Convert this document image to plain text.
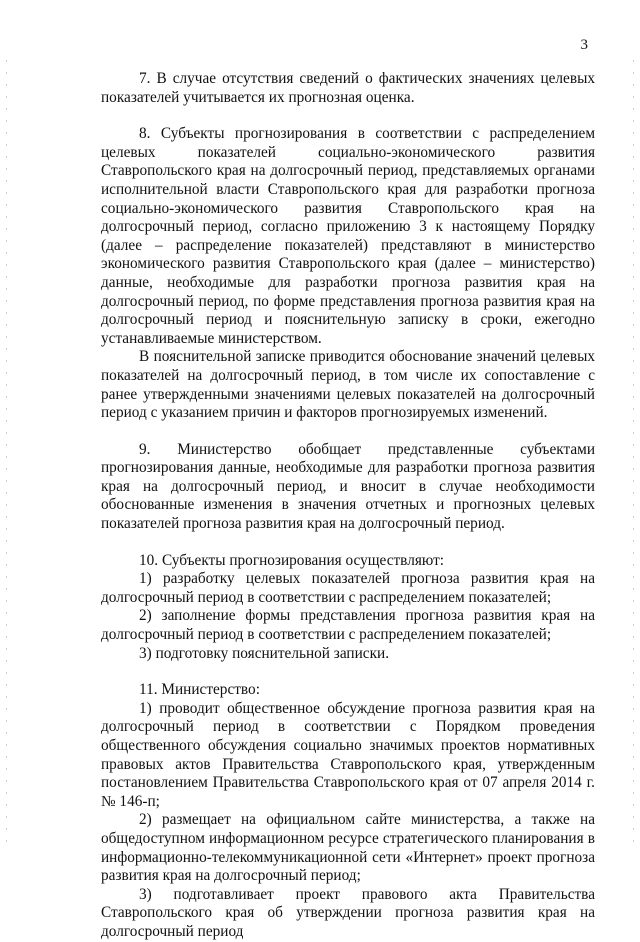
3

7. В случае отсутствия сведений о фактических значениях целевых показателей учитывается их прогнозная оценка.

8. Субъекты прогнозирования в соответствии с распределением целевых показателей социально-экономического развития Ставропольского края на долгосрочный период, представляемых органами исполнительной власти Ставропольского края для разработки прогноза социально-экономического развития Ставропольского края на долгосрочный период, согласно приложению 3 к настоящему Порядку (далее – распределение показателей) представляют в министерство экономического развития Ставропольского края (далее – министерство) данные, необходимые для разработки прогноза развития края на долгосрочный период, по форме представления прогноза развития края на долгосрочный период и пояснительную записку в сроки, ежегодно устанавливаемые министерством.

В пояснительной записке приводится обоснование значений целевых показателей на долгосрочный период, в том числе их сопоставление с ранее утвержденными значениями целевых показателей на долгосрочный период с указанием причин и факторов прогнозируемых изменений.

9. Министерство обобщает представленные субъектами прогнозирования данные, необходимые для разработки прогноза развития края на долгосрочный период, и вносит в случае необходимости обоснованные изменения в значения отчетных и прогнозных целевых показателей прогноза развития края на долгосрочный период.

10. Субъекты прогнозирования осуществляют:

1) разработку целевых показателей прогноза развития края на долгосрочный период в соответствии с распределением показателей;

2) заполнение формы представления прогноза развития края на долгосрочный период в соответствии с распределением показателей;

3) подготовку пояснительной записки.

11. Министерство:

1) проводит общественное обсуждение прогноза развития края на долгосрочный период в соответствии с Порядком проведения общественного обсуждения социально значимых проектов нормативных правовых актов Правительства Ставропольского края, утвержденным постановлением Правительства Ставропольского края от 07 апреля 2014 г. № 146-п;

2) размещает на официальном сайте министерства, а также на общедоступном информационном ресурсе стратегического планирования в информационно-телекоммуникационной сети «Интернет» проект прогноза развития края на долгосрочный период;

3) подготавливает проект правового акта Правительства Ставропольского края об утверждении прогноза развития края на долгосрочный период
